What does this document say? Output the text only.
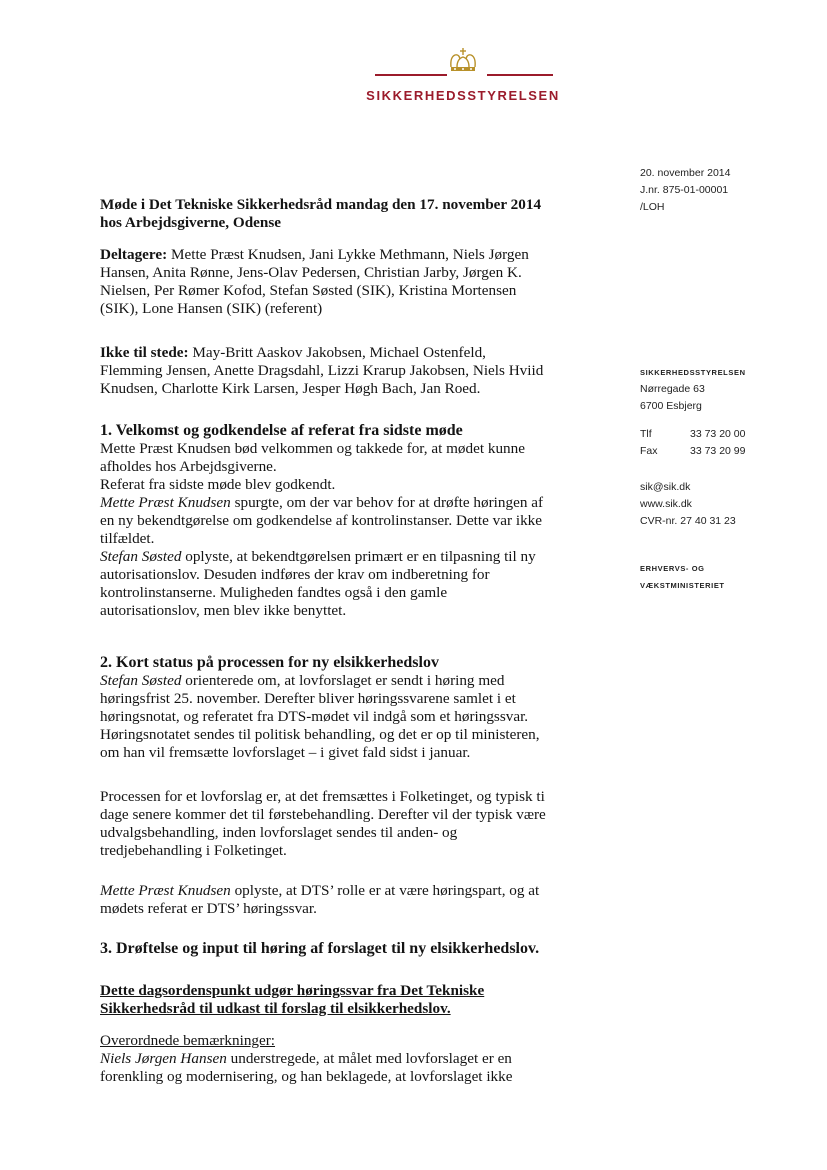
SIKKERHEDSSTYRELSEN
20. november 2014
J.nr. 875-01-00001
/LOH
SIKKERHEDSSTYRELSEN
Nørregade 63
6700 Esbjerg
Tlf	33 73 20 00
Fax	33 73 20 99
sik@sik.dk
www.sik.dk
CVR-nr. 27 40 31 23
ERHVERVS- OG
VÆKSTMINISTERIET
Møde i Det Tekniske Sikkerhedsråd mandag den 17. november 2014
hos Arbejdsgiverne, Odense
Deltagere: Mette Præst Knudsen, Jani Lykke Methmann, Niels Jørgen
Hansen, Anita Rønne, Jens-Olav Pedersen, Christian Jarby, Jørgen K.
Nielsen, Per Rømer Kofod, Stefan Søsted (SIK), Kristina Mortensen
(SIK), Lone Hansen (SIK) (referent)
Ikke til stede: May-Britt Aaskov Jakobsen, Michael Ostenfeld,
Flemming Jensen, Anette Dragsdahl, Lizzi Krarup Jakobsen, Niels Hviid
Knudsen, Charlotte Kirk Larsen, Jesper Høgh Bach, Jan Roed.
1. Velkomst og godkendelse af referat fra sidste møde
Mette Præst Knudsen bød velkommen og takkede for, at mødet kunne
afholdes hos Arbejdsgiverne.
Referat fra sidste møde blev godkendt.
Mette Præst Knudsen spurgte, om der var behov for at drøfte høringen af
en ny bekendtgørelse om godkendelse af kontrolinstanser. Dette var ikke
tilfældet.
Stefan Søsted oplyste, at bekendtgørelsen primært er en tilpasning til ny
autorisationslov. Desuden indføres der krav om indberetning for
kontrolinstanserne. Muligheden fandtes også i den gamle
autorisationslov, men blev ikke benyttet.
2. Kort status på processen for ny elsikkerhedslov
Stefan Søsted orienterede om, at lovforslaget er sendt i høring med
høringsfrist 25. november. Derefter bliver høringssvarene samlet i et
høringsnotat, og referatet fra DTS-mødet vil indgå som et høringssvar.
Høringsnotatet sendes til politisk behandling, og det er op til ministeren,
om han vil fremsætte lovforslaget – i givet fald sidst i januar.
Processen for et lovforslag er, at det fremsættes i Folketinget, og typisk ti
dage senere kommer det til førstebehandling. Derefter vil der typisk være
udvalgsbehandling, inden lovforslaget sendes til anden- og
tredjebehandling i Folketinget.
Mette Præst Knudsen oplyste, at DTS’ rolle er at være høringspart, og at
mødets referat er DTS’ høringssvar.
3. Drøftelse og input til høring af forslaget til ny elsikkerhedslov.
Dette dagsordenspunkt udgør høringssvar fra Det Tekniske
Sikkerhedsråd til udkast til forslag til elsikkerhedslov.
Overordnede bemærkninger:
Niels Jørgen Hansen understregede, at målet med lovforslaget er en
forenkling og modernisering, og han beklagede, at lovforslaget ikke
